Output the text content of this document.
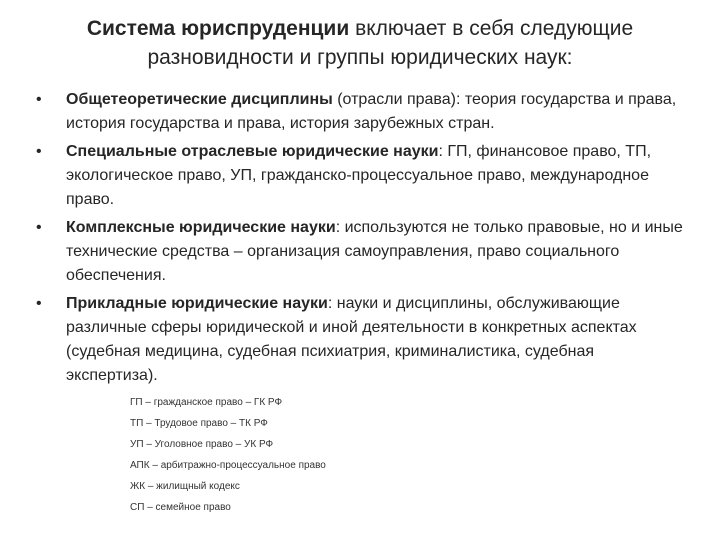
Система юриспруденции включает в себя следующие разновидности и группы юридических наук:
• Общетеоретические дисциплины (отрасли права): теория государства и права, история государства и права, история зарубежных стран.
• Специальные отраслевые юридические науки: ГП, финансовое право, ТП, экологическое право, УП, гражданско-процессуальное право, международное право.
• Комплексные юридические науки: используются не только правовые, но и иные технические средства – организация самоуправления, право социального обеспечения.
• Прикладные юридические науки: науки и дисциплины, обслуживающие различные сферы юридической и иной деятельности в конкретных аспектах (судебная медицина, судебная психиатрия, криминалистика, судебная экспертиза).
ГП – гражданское право – ГК РФ
ТП – Трудовое право – ТК РФ
УП – Уголовное право – УК РФ
АПК – арбитражно-процессуальное право
ЖК – жилищный кодекс
СП – семейное право
